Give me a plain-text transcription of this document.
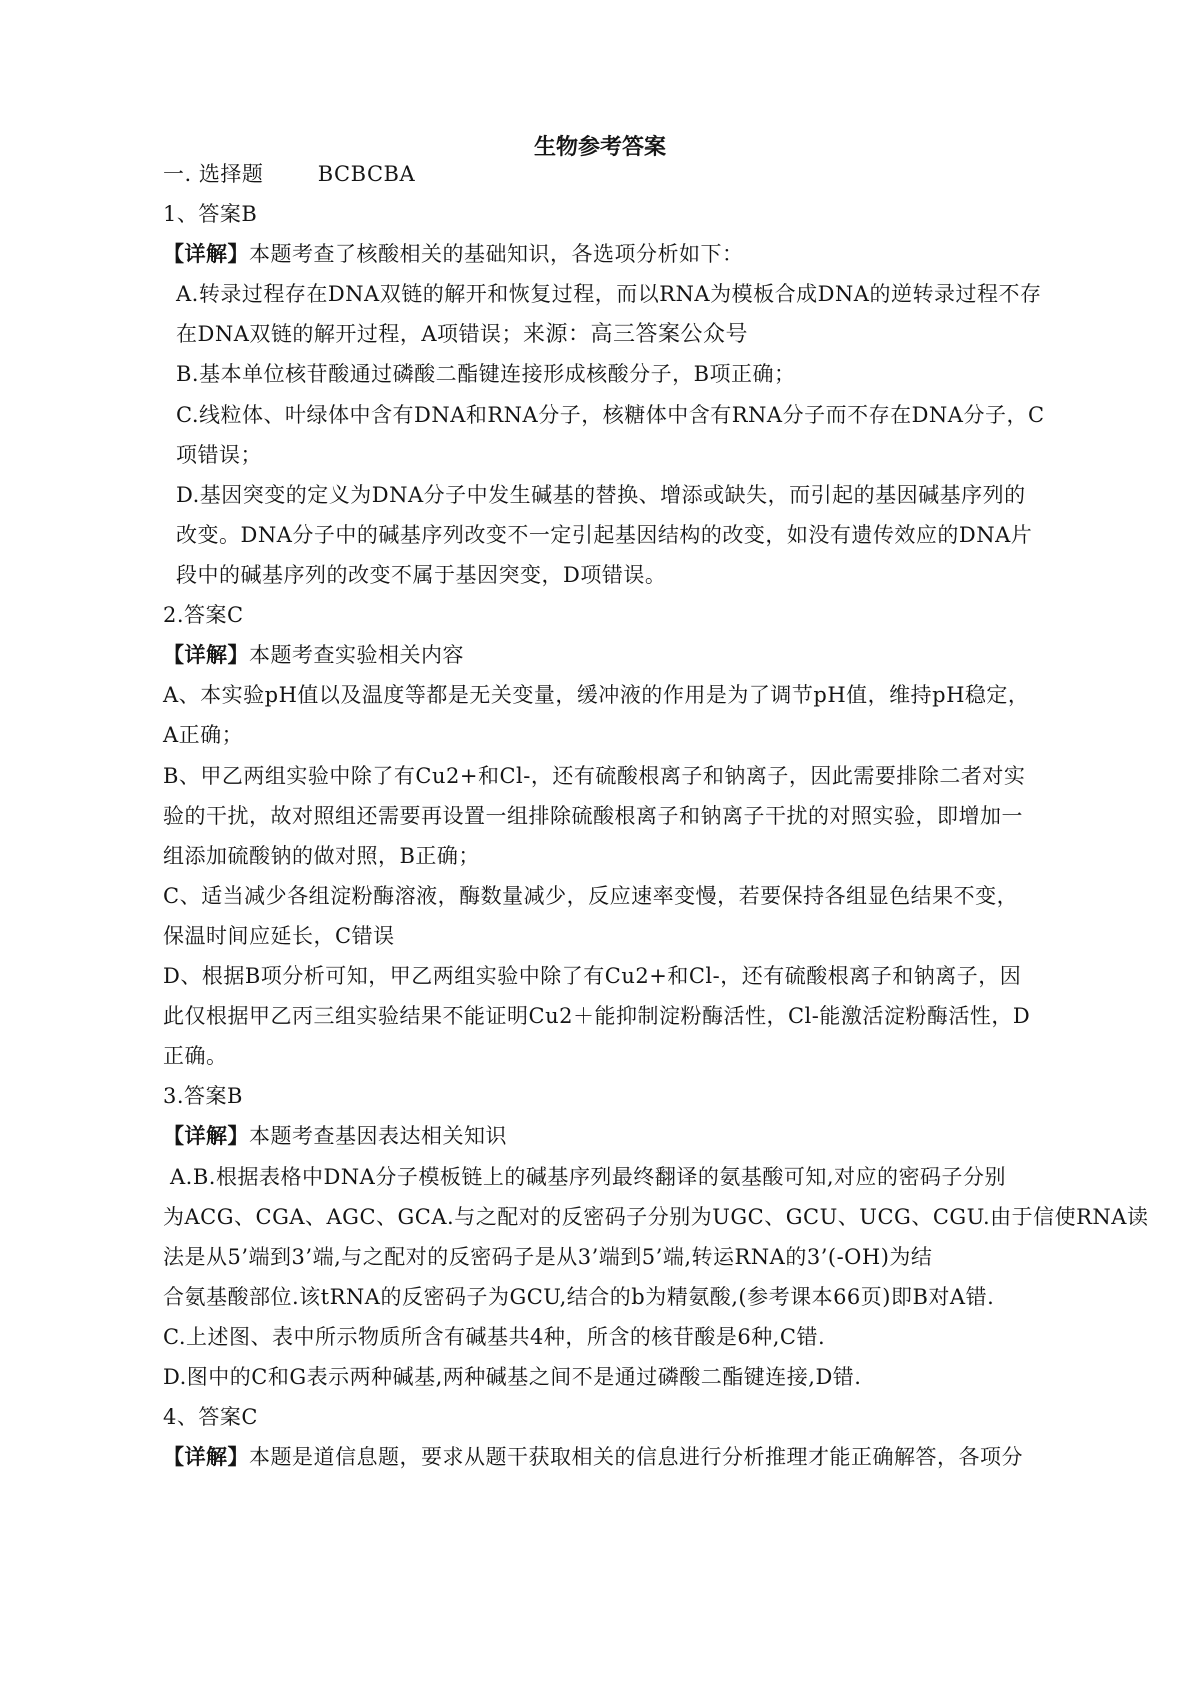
生物参考答案
一. 选择题	BCBCBA
1、答案B
【详解】本题考查了核酸相关的基础知识，各选项分析如下：
A.转录过程存在DNA双链的解开和恢复过程，而以RNA为模板合成DNA的逆转录过程不存
在DNA双链的解开过程，A项错误；来源：高三答案公众号
B.基本单位核苷酸通过磷酸二酯键连接形成核酸分子，B项正确；
C.线粒体、叶绿体中含有DNA和RNA分子，核糖体中含有RNA分子而不存在DNA分子，C
项错误；
D.基因突变的定义为DNA分子中发生碱基的替换、增添或缺失，而引起的基因碱基序列的
改变。DNA分子中的碱基序列改变不一定引起基因结构的改变，如没有遗传效应的DNA片
段中的碱基序列的改变不属于基因突变，D项错误。
2.答案C
【详解】本题考查实验相关内容
A、本实验pH值以及温度等都是无关变量，缓冲液的作用是为了调节pH值，维持pH稳定，
A正确；
B、甲乙两组实验中除了有Cu2+和Cl-，还有硫酸根离子和钠离子，因此需要排除二者对实
验的干扰，故对照组还需要再设置一组排除硫酸根离子和钠离子干扰的对照实验，即增加一
组添加硫酸钠的做对照，B正确；
C、适当减少各组淀粉酶溶液，酶数量减少，反应速率变慢，若要保持各组显色结果不变，
保温时间应延长，C错误
D、根据B项分析可知，甲乙两组实验中除了有Cu2+和Cl-，还有硫酸根离子和钠离子，因
此仅根据甲乙丙三组实验结果不能证明Cu2＋能抑制淀粉酶活性，Cl-能激活淀粉酶活性，D
正确。
3.答案B
【详解】本题考查基因表达相关知识
A.B.根据表格中DNA分子模板链上的碱基序列最终翻译的氨基酸可知,对应的密码子分别
为ACG、CGA、AGC、GCA.与之配对的反密码子分别为UGC、GCU、UCG、CGU.由于信使RNA读
法是从5’端到3’端,与之配对的反密码子是从3’端到5’端,转运RNA的3’(-OH)为结
合氨基酸部位.该tRNA的反密码子为GCU,结合的b为精氨酸,(参考课本66页)即B对A错.
C.上述图、表中所示物质所含有碱基共4种，所含的核苷酸是6种,C错.
D.图中的C和G表示两种碱基,两种碱基之间不是通过磷酸二酯键连接,D错.
4、答案C
【详解】本题是道信息题，要求从题干获取相关的信息进行分析推理才能正确解答，各项分
